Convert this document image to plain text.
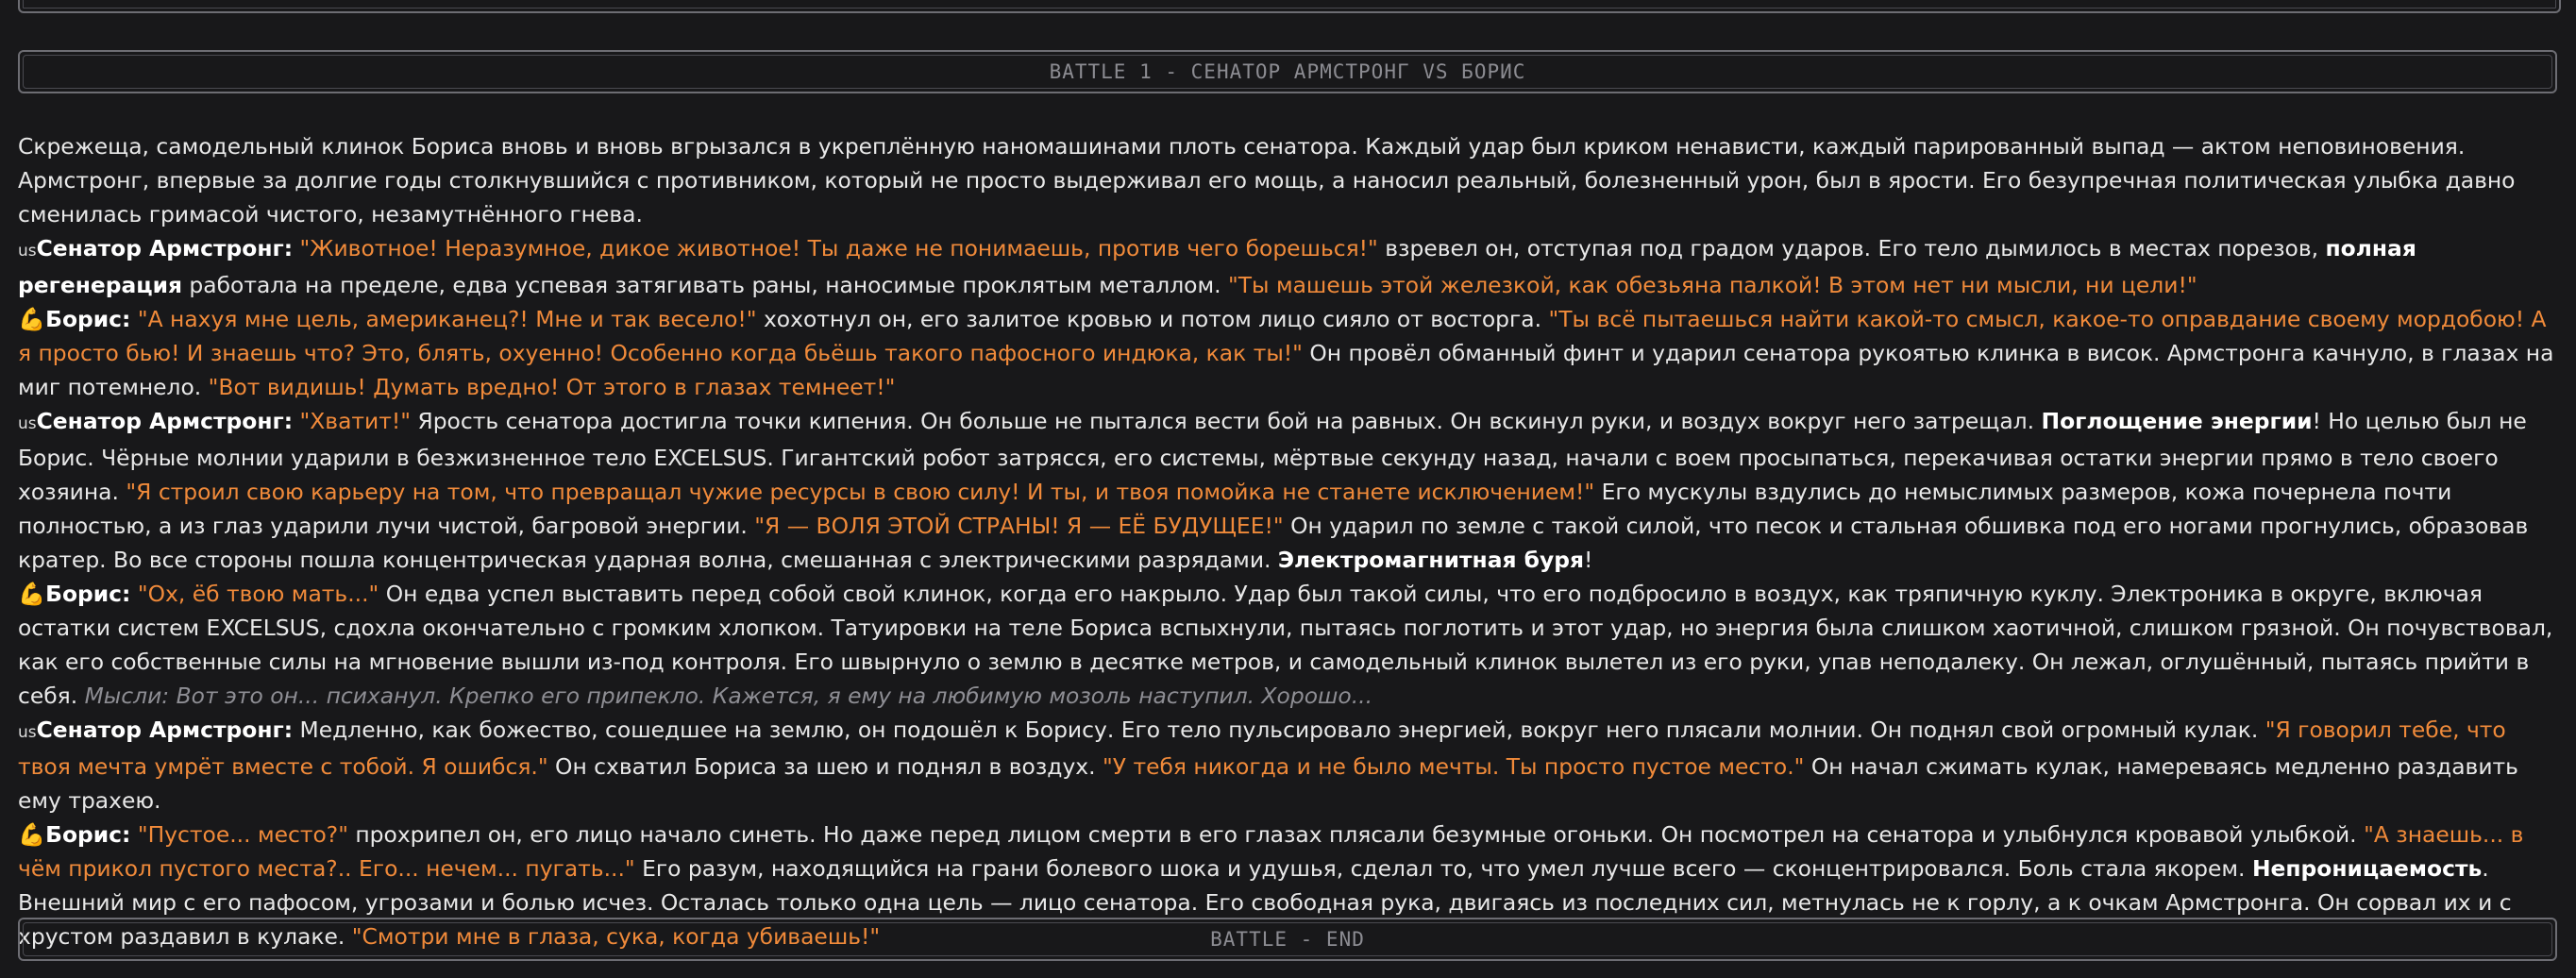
BATTLE 1 - СЕНАТОР АРМСТРОНГ VS БОРИС

Скрежеща, самодельный клинок Бориса вновь и вновь вгрызался в укреплённую наномашинами плоть сенатора. Каждый удар был криком ненависти, каждый парированный выпад — актом неповиновения. Армстронг, впервые за долгие годы столкнувшийся с противником, который не просто выдерживал его мощь, а наносил реальный, болезненный урон, был в ярости. Его безупречная политическая улыбка давно сменилась гримасой чистого, незамутнённого гнева.

usСенатор Армстронг: "Животное! Неразумное, дикое животное! Ты даже не понимаешь, против чего борешься!" взревел он, отступая под градом ударов. Его тело дымилось в местах порезов, полная регенерация работала на пределе, едва успевая затягивать раны, наносимые проклятым металлом. "Ты машешь этой железкой, как обезьяна палкой! В этом нет ни мысли, ни цели!"

💪Борис: "А нахуя мне цель, американец?! Мне и так весело!" хохотнул он, его залитое кровью и потом лицо сияло от восторга. "Ты всё пытаешься найти какой-то смысл, какое-то оправдание своему мордобою! А я просто бью! И знаешь что? Это, блять, охуенно! Особенно когда бьёшь такого пафосного индюка, как ты!" Он провёл обманный финт и ударил сенатора рукоятью клинка в висок. Армстронга качнуло, в глазах на миг потемнело. "Вот видишь! Думать вредно! От этого в глазах темнеет!"

usСенатор Армстронг: "Хватит!" Ярость сенатора достигла точки кипения. Он больше не пытался вести бой на равных. Он вскинул руки, и воздух вокруг него затрещал. Поглощение энергии! Но целью был не Борис. Чёрные молнии ударили в безжизненное тело EXCELSUS. Гигантский робот затрясся, его системы, мёртвые секунду назад, начали с воем просыпаться, перекачивая остатки энергии прямо в тело своего хозяина. "Я строил свою карьеру на том, что превращал чужие ресурсы в свою силу! И ты, и твоя помойка не станете исключением!" Его мускулы вздулись до немыслимых размеров, кожа почернела почти полностью, а из глаз ударили лучи чистой, багровой энергии. "Я — ВОЛЯ ЭТОЙ СТРАНЫ! Я — ЕЁ БУДУЩЕЕ!" Он ударил по земле с такой силой, что песок и стальная обшивка под его ногами прогнулись, образовав кратер. Во все стороны пошла концентрическая ударная волна, смешанная с электрическими разрядами. Электромагнитная буря!

💪Борис: "Ох, ёб твою мать..." Он едва успел выставить перед собой свой клинок, когда его накрыло. Удар был такой силы, что его подбросило в воздух, как тряпичную куклу. Электроника в округе, включая остатки систем EXCELSUS, сдохла окончательно с громким хлопком. Татуировки на теле Бориса вспыхнули, пытаясь поглотить и этот удар, но энергия была слишком хаотичной, слишком грязной. Он почувствовал, как его собственные силы на мгновение вышли из-под контроля. Его швырнуло о землю в десятке метров, и самодельный клинок вылетел из его руки, упав неподалеку. Он лежал, оглушённый, пытаясь прийти в себя. Мысли: Вот это он... психанул. Крепко его припекло. Кажется, я ему на любимую мозоль наступил. Хорошо...

usСенатор Армстронг: Медленно, как божество, сошедшее на землю, он подошёл к Борису. Его тело пульсировало энергией, вокруг него плясали молнии. Он поднял свой огромный кулак. "Я говорил тебе, что твоя мечта умрёт вместе с тобой. Я ошибся." Он схватил Бориса за шею и поднял в воздух. "У тебя никогда и не было мечты. Ты просто пустое место." Он начал сжимать кулак, намереваясь медленно раздавить ему трахею.

💪Борис: "Пустое... место?" прохрипел он, его лицо начало синеть. Но даже перед лицом смерти в его глазах плясали безумные огоньки. Он посмотрел на сенатора и улыбнулся кровавой улыбкой. "А знаешь... в чём прикол пустого места?.. Его... нечем... пугать..." Его разум, находящийся на грани болевого шока и удушья, сделал то, что умел лучше всего — сконцентрировался. Боль стала якорем. Непроницаемость. Внешний мир с его пафосом, угрозами и болью исчез. Осталась только одна цель — лицо сенатора. Его свободная рука, двигаясь из последних сил, метнулась не к горлу, а к очкам Армстронга. Он сорвал их и с хрустом раздавил в кулаке. "Смотри мне в глаза, сука, когда убиваешь!"	BATTLE - END
